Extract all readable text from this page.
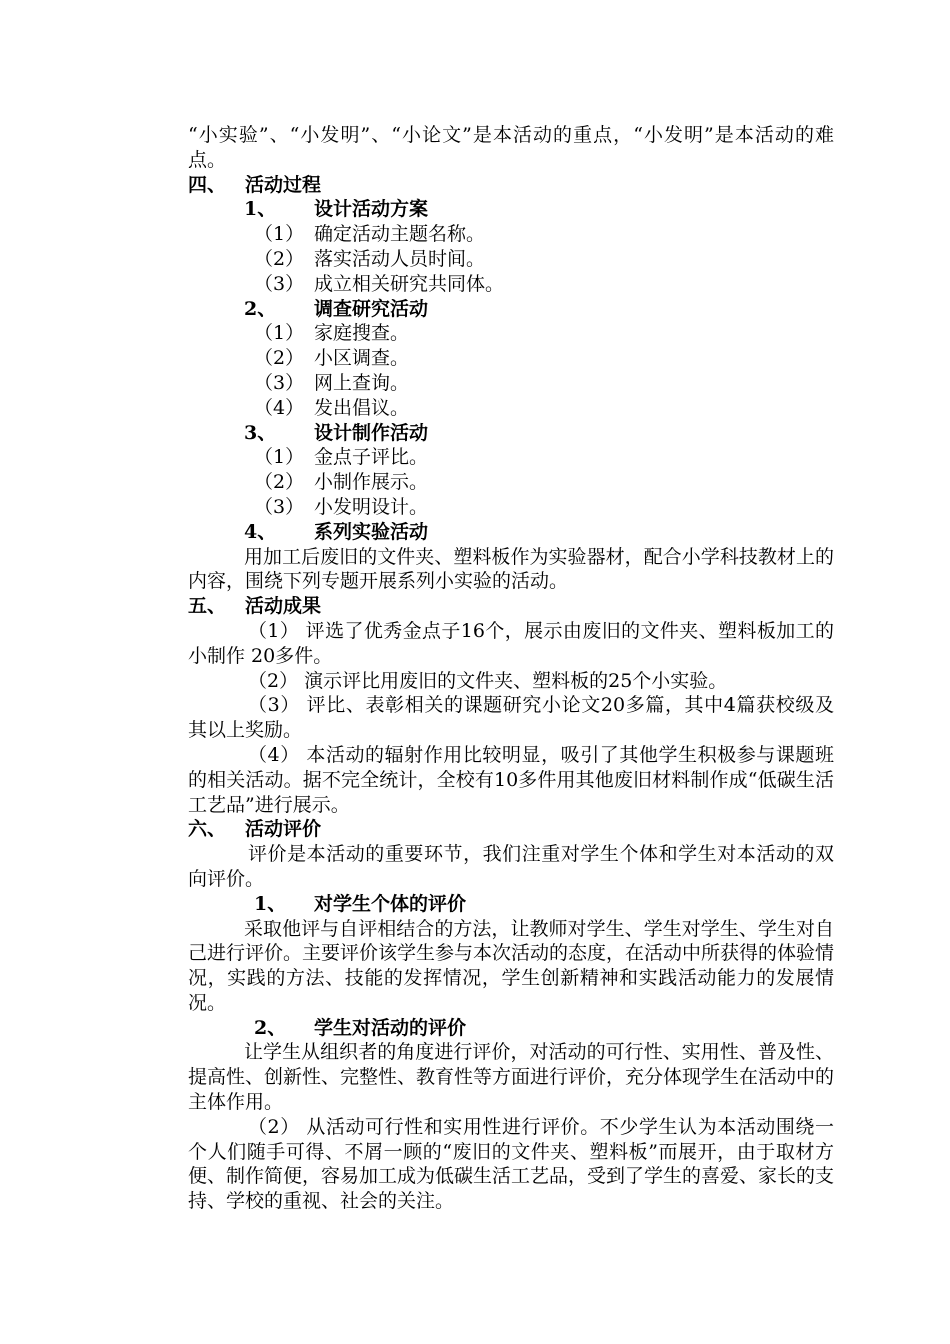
“小实验”、“小发明”、“小论文”是本活动的重点，“小发明”是本活动的难点。
四、 活动过程
1、	设计活动方案
（1） 确定活动主题名称。
（2） 落实活动人员时间。
（3） 成立相关研究共同体。
2、	调查研究活动
（1） 家庭搜查。
（2） 小区调查。
（3） 网上查询。
（4） 发出倡议。
3、	设计制作活动
（1） 金点子评比。
（2） 小制作展示。
（3） 小发明设计。
4、	系列实验活动
用加工后废旧的文件夹、塑料板作为实验器材，配合小学科技教材上的内容，围绕下列专题开展系列小实验的活动。
五、 活动成果
（1） 评选了优秀金点子16个，展示由废旧的文件夹、塑料板加工的小制作 20多件。
（2） 演示评比用废旧的文件夹、塑料板的25个小实验。
（3） 评比、表彰相关的课题研究小论文20多篇，其中4篇获校级及其以上奖励。
（4） 本活动的辐射作用比较明显，吸引了其他学生积极参与课题班的相关活动。据不完全统计，全校有10多件用其他废旧材料制作成“低碳生活工艺品”进行展示。
六、 活动评价
评价是本活动的重要环节，我们注重对学生个体和学生对本活动的双向评价。
1、	对学生个体的评价
采取他评与自评相结合的方法，让教师对学生、学生对学生、学生对自己进行评价。主要评价该学生参与本次活动的态度，在活动中所获得的体验情况，实践的方法、技能的发挥情况，学生创新精神和实践活动能力的发展情况。
2、	学生对活动的评价
让学生从组织者的角度进行评价，对活动的可行性、实用性、普及性、提高性、创新性、完整性、教育性等方面进行评价，充分体现学生在活动中的主体作用。
（2） 从活动可行性和实用性进行评价。不少学生认为本活动围绕一个人们随手可得、不屑一顾的“废旧的文件夹、塑料板”而展开，由于取材方便、制作简便，容易加工成为低碳生活工艺品，受到了学生的喜爱、家长的支持、学校的重视、社会的关注。
